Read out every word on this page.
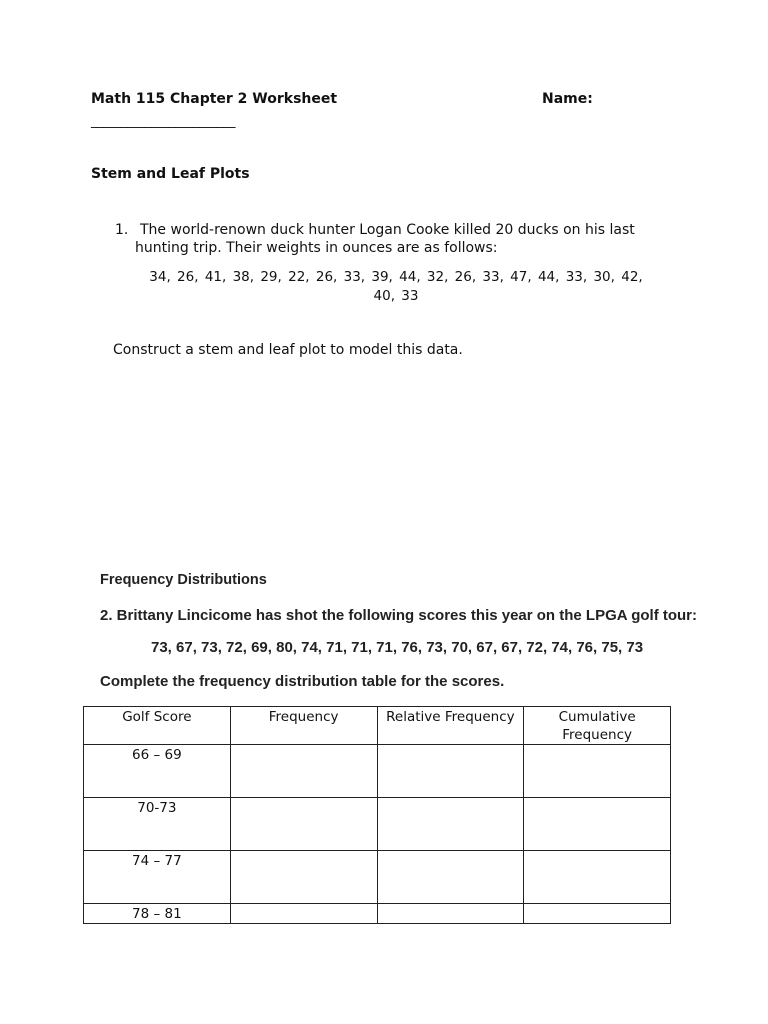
Math 115 Chapter 2 Worksheet	Name:
________________________
Stem and Leaf Plots
1. The world-renown duck hunter Logan Cooke killed 20 ducks on his last
hunting trip. Their weights in ounces are as follows:
34, 26, 41, 38, 29, 22, 26, 33, 39, 44, 32, 26, 33, 47, 44, 33, 30, 42,
40, 33
Construct a stem and leaf plot to model this data.
Frequency Distributions
2. Brittany Lincicome has shot the following scores this year on the LPGA golf tour:
73, 67, 73, 72, 69, 80, 74, 71, 71, 71, 76, 73, 70, 67, 67, 72, 74, 76, 75, 73
Complete the frequency distribution table for the scores.
Golf Score	Frequency	Relative Frequency	Cumulative Frequency
66 – 69			
70-73			
74 – 77			
78 – 81			
